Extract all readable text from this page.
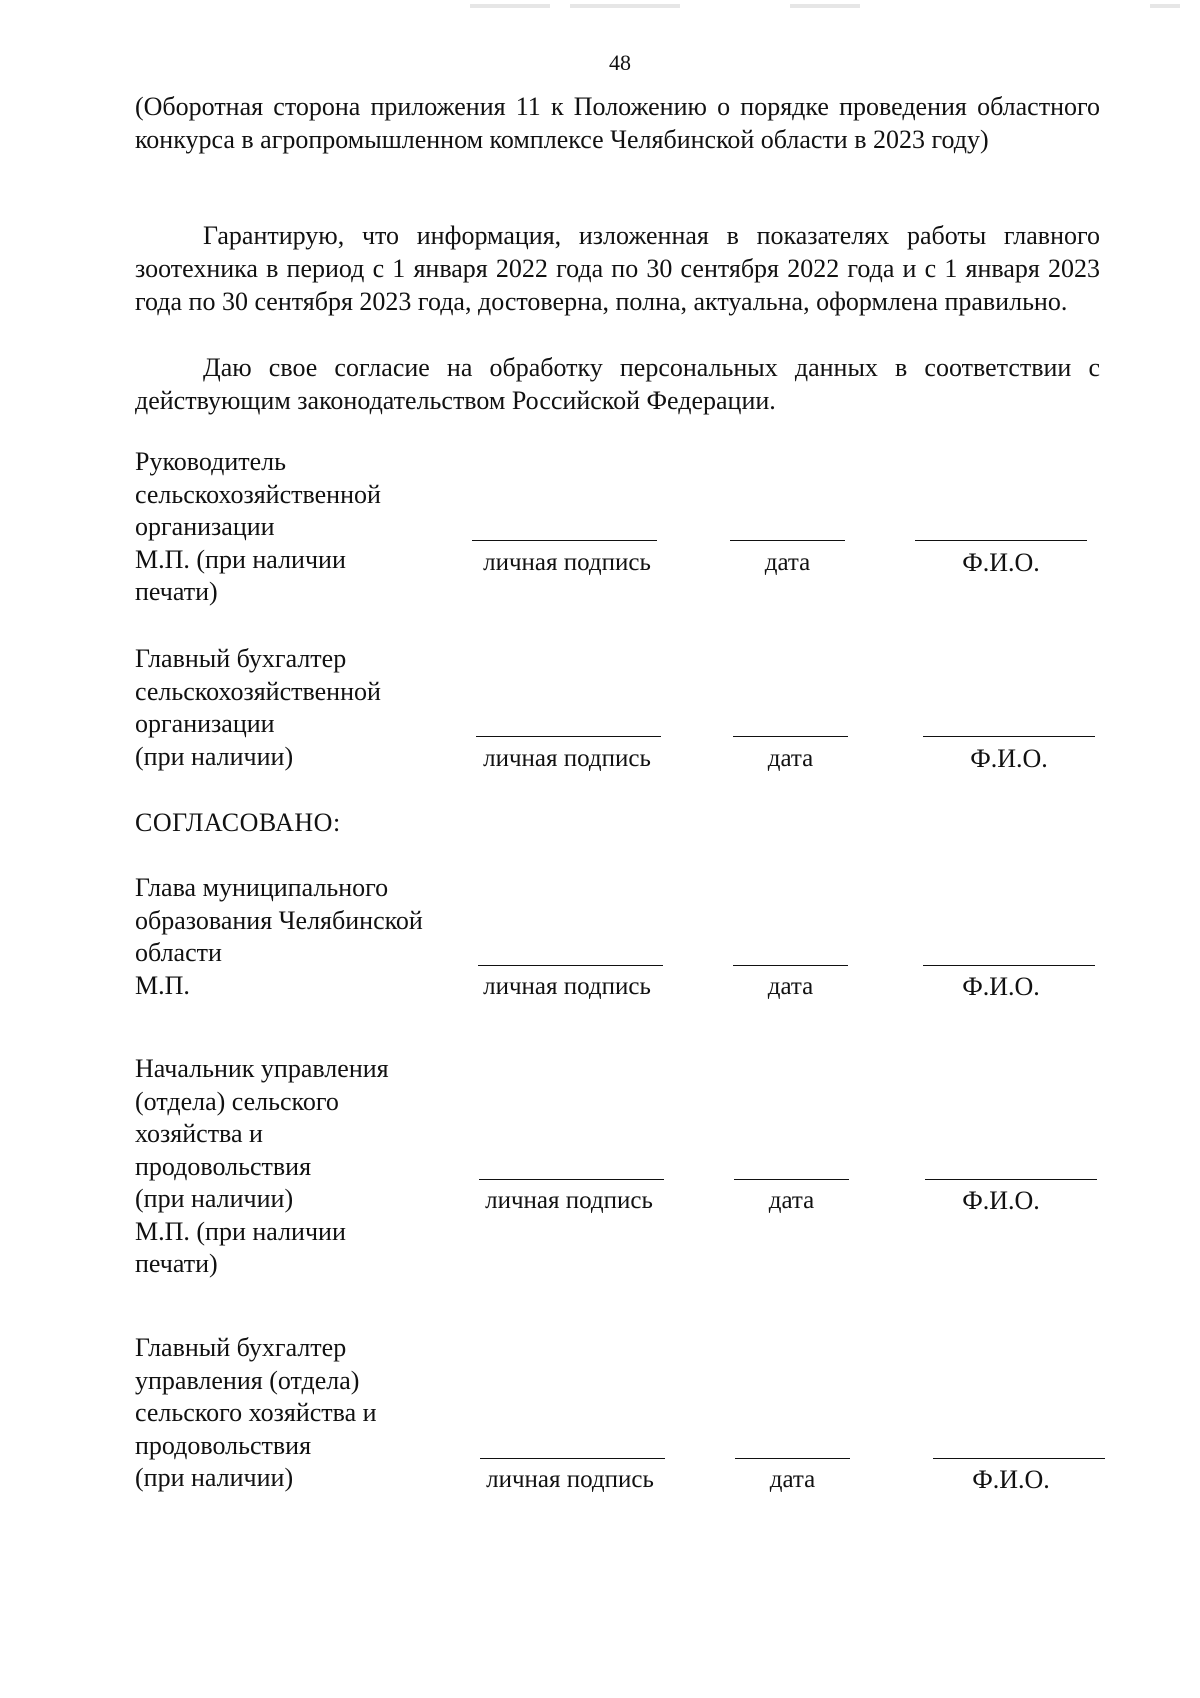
48
(Оборотная сторона приложения 11 к Положению о порядке проведения областного конкурса в агропромышленном комплексе Челябинской области в 2023 году)
Гарантирую, что информация, изложенная в показателях работы главного зоотехника в период с 1 января 2022 года по 30 сентября 2022 года и с 1 января 2023 года по 30 сентября 2023 года, достоверна, полна, актуальна, оформлена правильно.
Даю свое согласие на обработку персональных данных в соответствии с действующим законодательством Российской Федерации.
Руководитель
сельскохозяйственной
организации
М.П. (при наличии
печати)
личная подпись	дата	Ф.И.О.
Главный бухгалтер
сельскохозяйственной
организации
(при наличии)	личная подпись	дата	Ф.И.О.
СОГЛАСОВАНО:
Глава муниципального
образования Челябинской
области
М.П.	личная подпись	дата	Ф.И.О.
Начальник управления
(отдела) сельского
хозяйства и
продовольствия
(при наличии)
М.П. (при наличии
печати)
личная подпись	дата	Ф.И.О.
Главный бухгалтер
управления (отдела)
сельского хозяйства и
продовольствия
(при наличии)	личная подпись	дата	Ф.И.О.
